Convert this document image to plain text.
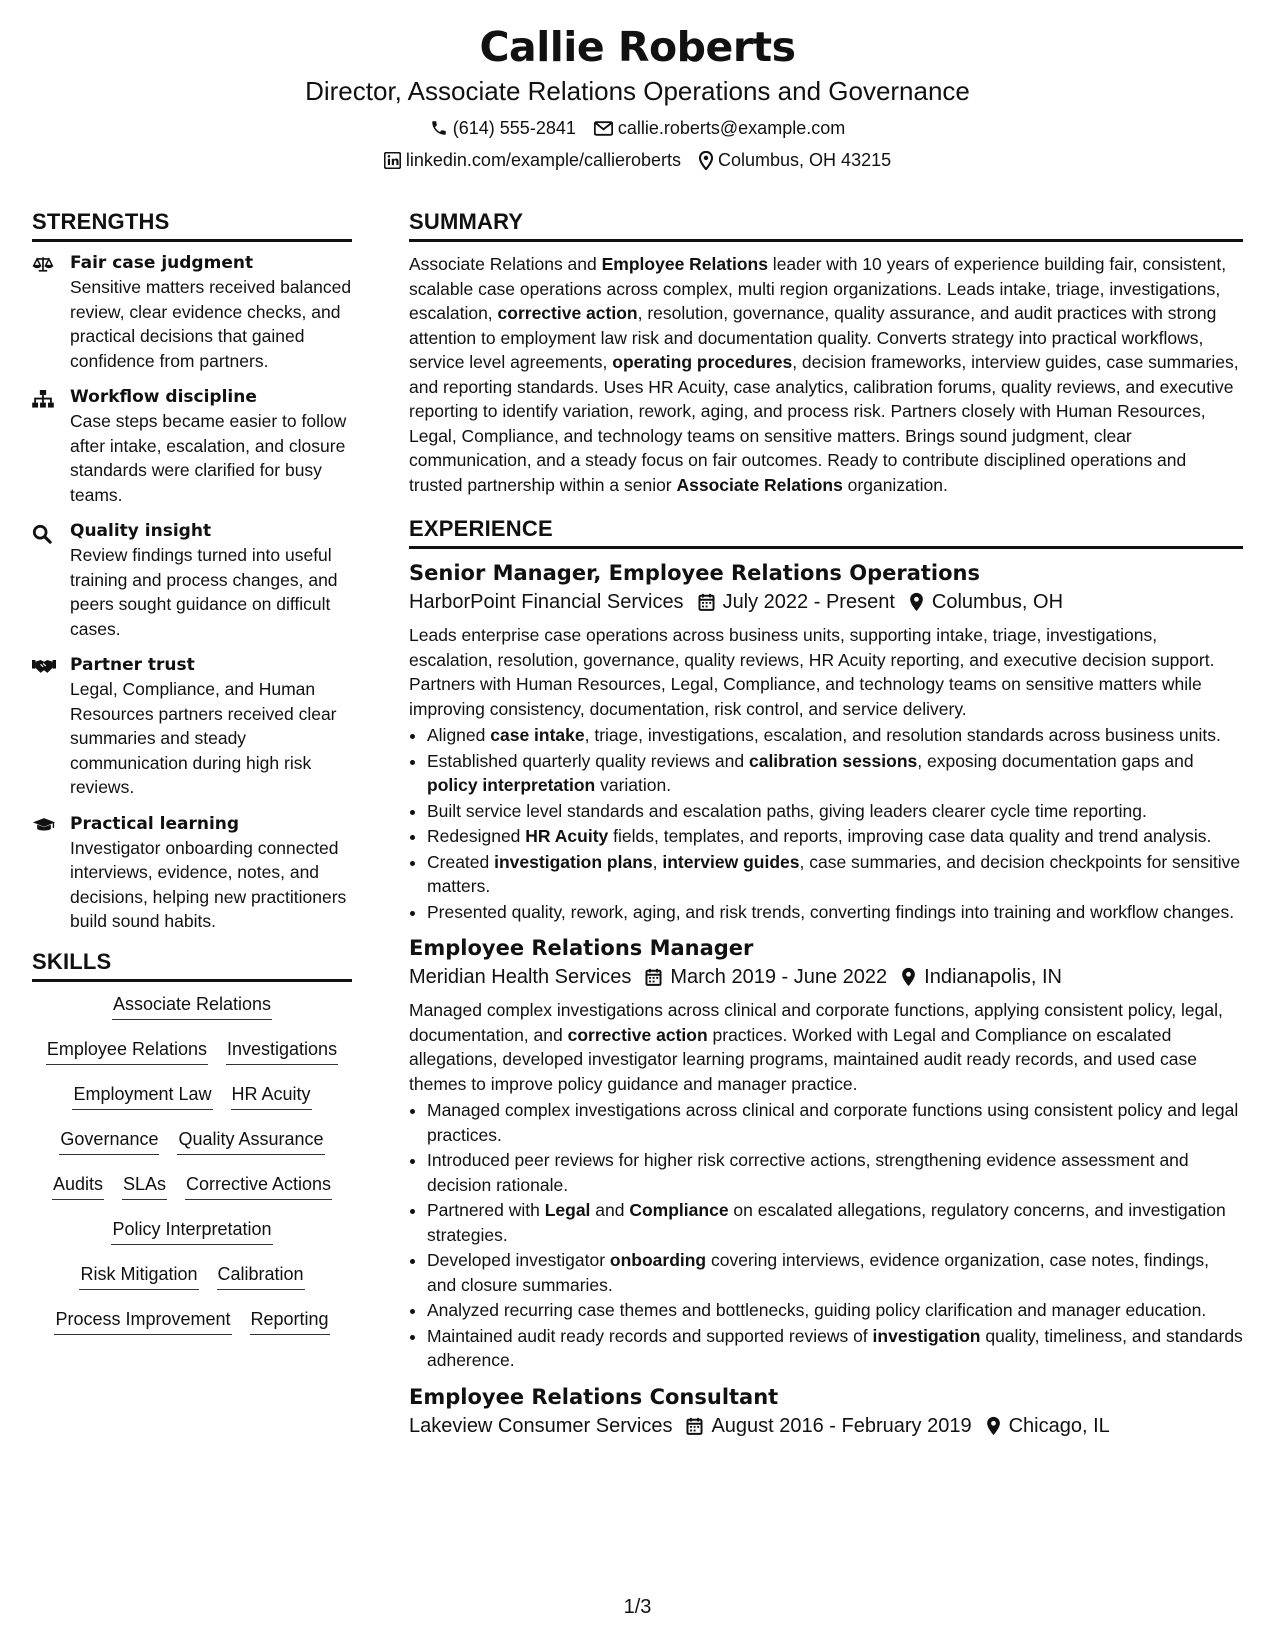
Callie Roberts
Director, Associate Relations Operations and Governance
(614) 555-2841 callie.roberts@example.com
linkedin.com/example/callieroberts Columbus, OH 43215
STRENGTHS
Fair case judgment
Sensitive matters received balanced review, clear evidence checks, and practical decisions that gained confidence from partners.
Workflow discipline
Case steps became easier to follow after intake, escalation, and closure standards were clarified for busy teams.
Quality insight
Review findings turned into useful training and process changes, and peers sought guidance on difficult cases.
Partner trust
Legal, Compliance, and Human Resources partners received clear summaries and steady communication during high risk reviews.
Practical learning
Investigator onboarding connected interviews, evidence, notes, and decisions, helping new practitioners build sound habits.
SKILLS
Associate Relations
Employee Relations Investigations
Employment Law HR Acuity
Governance Quality Assurance
Audits SLAs Corrective Actions
Policy Interpretation
Risk Mitigation Calibration
Process Improvement Reporting
SUMMARY
Associate Relations and Employee Relations leader with 10 years of experience building fair, consistent, scalable case operations across complex, multi region organizations. Leads intake, triage, investigations, escalation, corrective action, resolution, governance, quality assurance, and audit practices with strong attention to employment law risk and documentation quality. Converts strategy into practical workflows, service level agreements, operating procedures, decision frameworks, interview guides, case summaries, and reporting standards. Uses HR Acuity, case analytics, calibration forums, quality reviews, and executive reporting to identify variation, rework, aging, and process risk. Partners closely with Human Resources, Legal, Compliance, and technology teams on sensitive matters. Brings sound judgment, clear communication, and a steady focus on fair outcomes. Ready to contribute disciplined operations and trusted partnership within a senior Associate Relations organization.
EXPERIENCE
Senior Manager, Employee Relations Operations
HarborPoint Financial Services July 2022 - Present Columbus, OH
Leads enterprise case operations across business units, supporting intake, triage, investigations, escalation, resolution, governance, quality reviews, HR Acuity reporting, and executive decision support. Partners with Human Resources, Legal, Compliance, and technology teams on sensitive matters while improving consistency, documentation, risk control, and service delivery.
• Aligned case intake, triage, investigations, escalation, and resolution standards across business units.
• Established quarterly quality reviews and calibration sessions, exposing documentation gaps and policy interpretation variation.
• Built service level standards and escalation paths, giving leaders clearer cycle time reporting.
• Redesigned HR Acuity fields, templates, and reports, improving case data quality and trend analysis.
• Created investigation plans, interview guides, case summaries, and decision checkpoints for sensitive matters.
• Presented quality, rework, aging, and risk trends, converting findings into training and workflow changes.
Employee Relations Manager
Meridian Health Services March 2019 - June 2022 Indianapolis, IN
Managed complex investigations across clinical and corporate functions, applying consistent policy, legal, documentation, and corrective action practices. Worked with Legal and Compliance on escalated allegations, developed investigator learning programs, maintained audit ready records, and used case themes to improve policy guidance and manager practice.
• Managed complex investigations across clinical and corporate functions using consistent policy and legal practices.
• Introduced peer reviews for higher risk corrective actions, strengthening evidence assessment and decision rationale.
• Partnered with Legal and Compliance on escalated allegations, regulatory concerns, and investigation strategies.
• Developed investigator onboarding covering interviews, evidence organization, case notes, findings, and closure summaries.
• Analyzed recurring case themes and bottlenecks, guiding policy clarification and manager education.
• Maintained audit ready records and supported reviews of investigation quality, timeliness, and standards adherence.
Employee Relations Consultant
Lakeview Consumer Services August 2016 - February 2019 Chicago, IL
1/3
